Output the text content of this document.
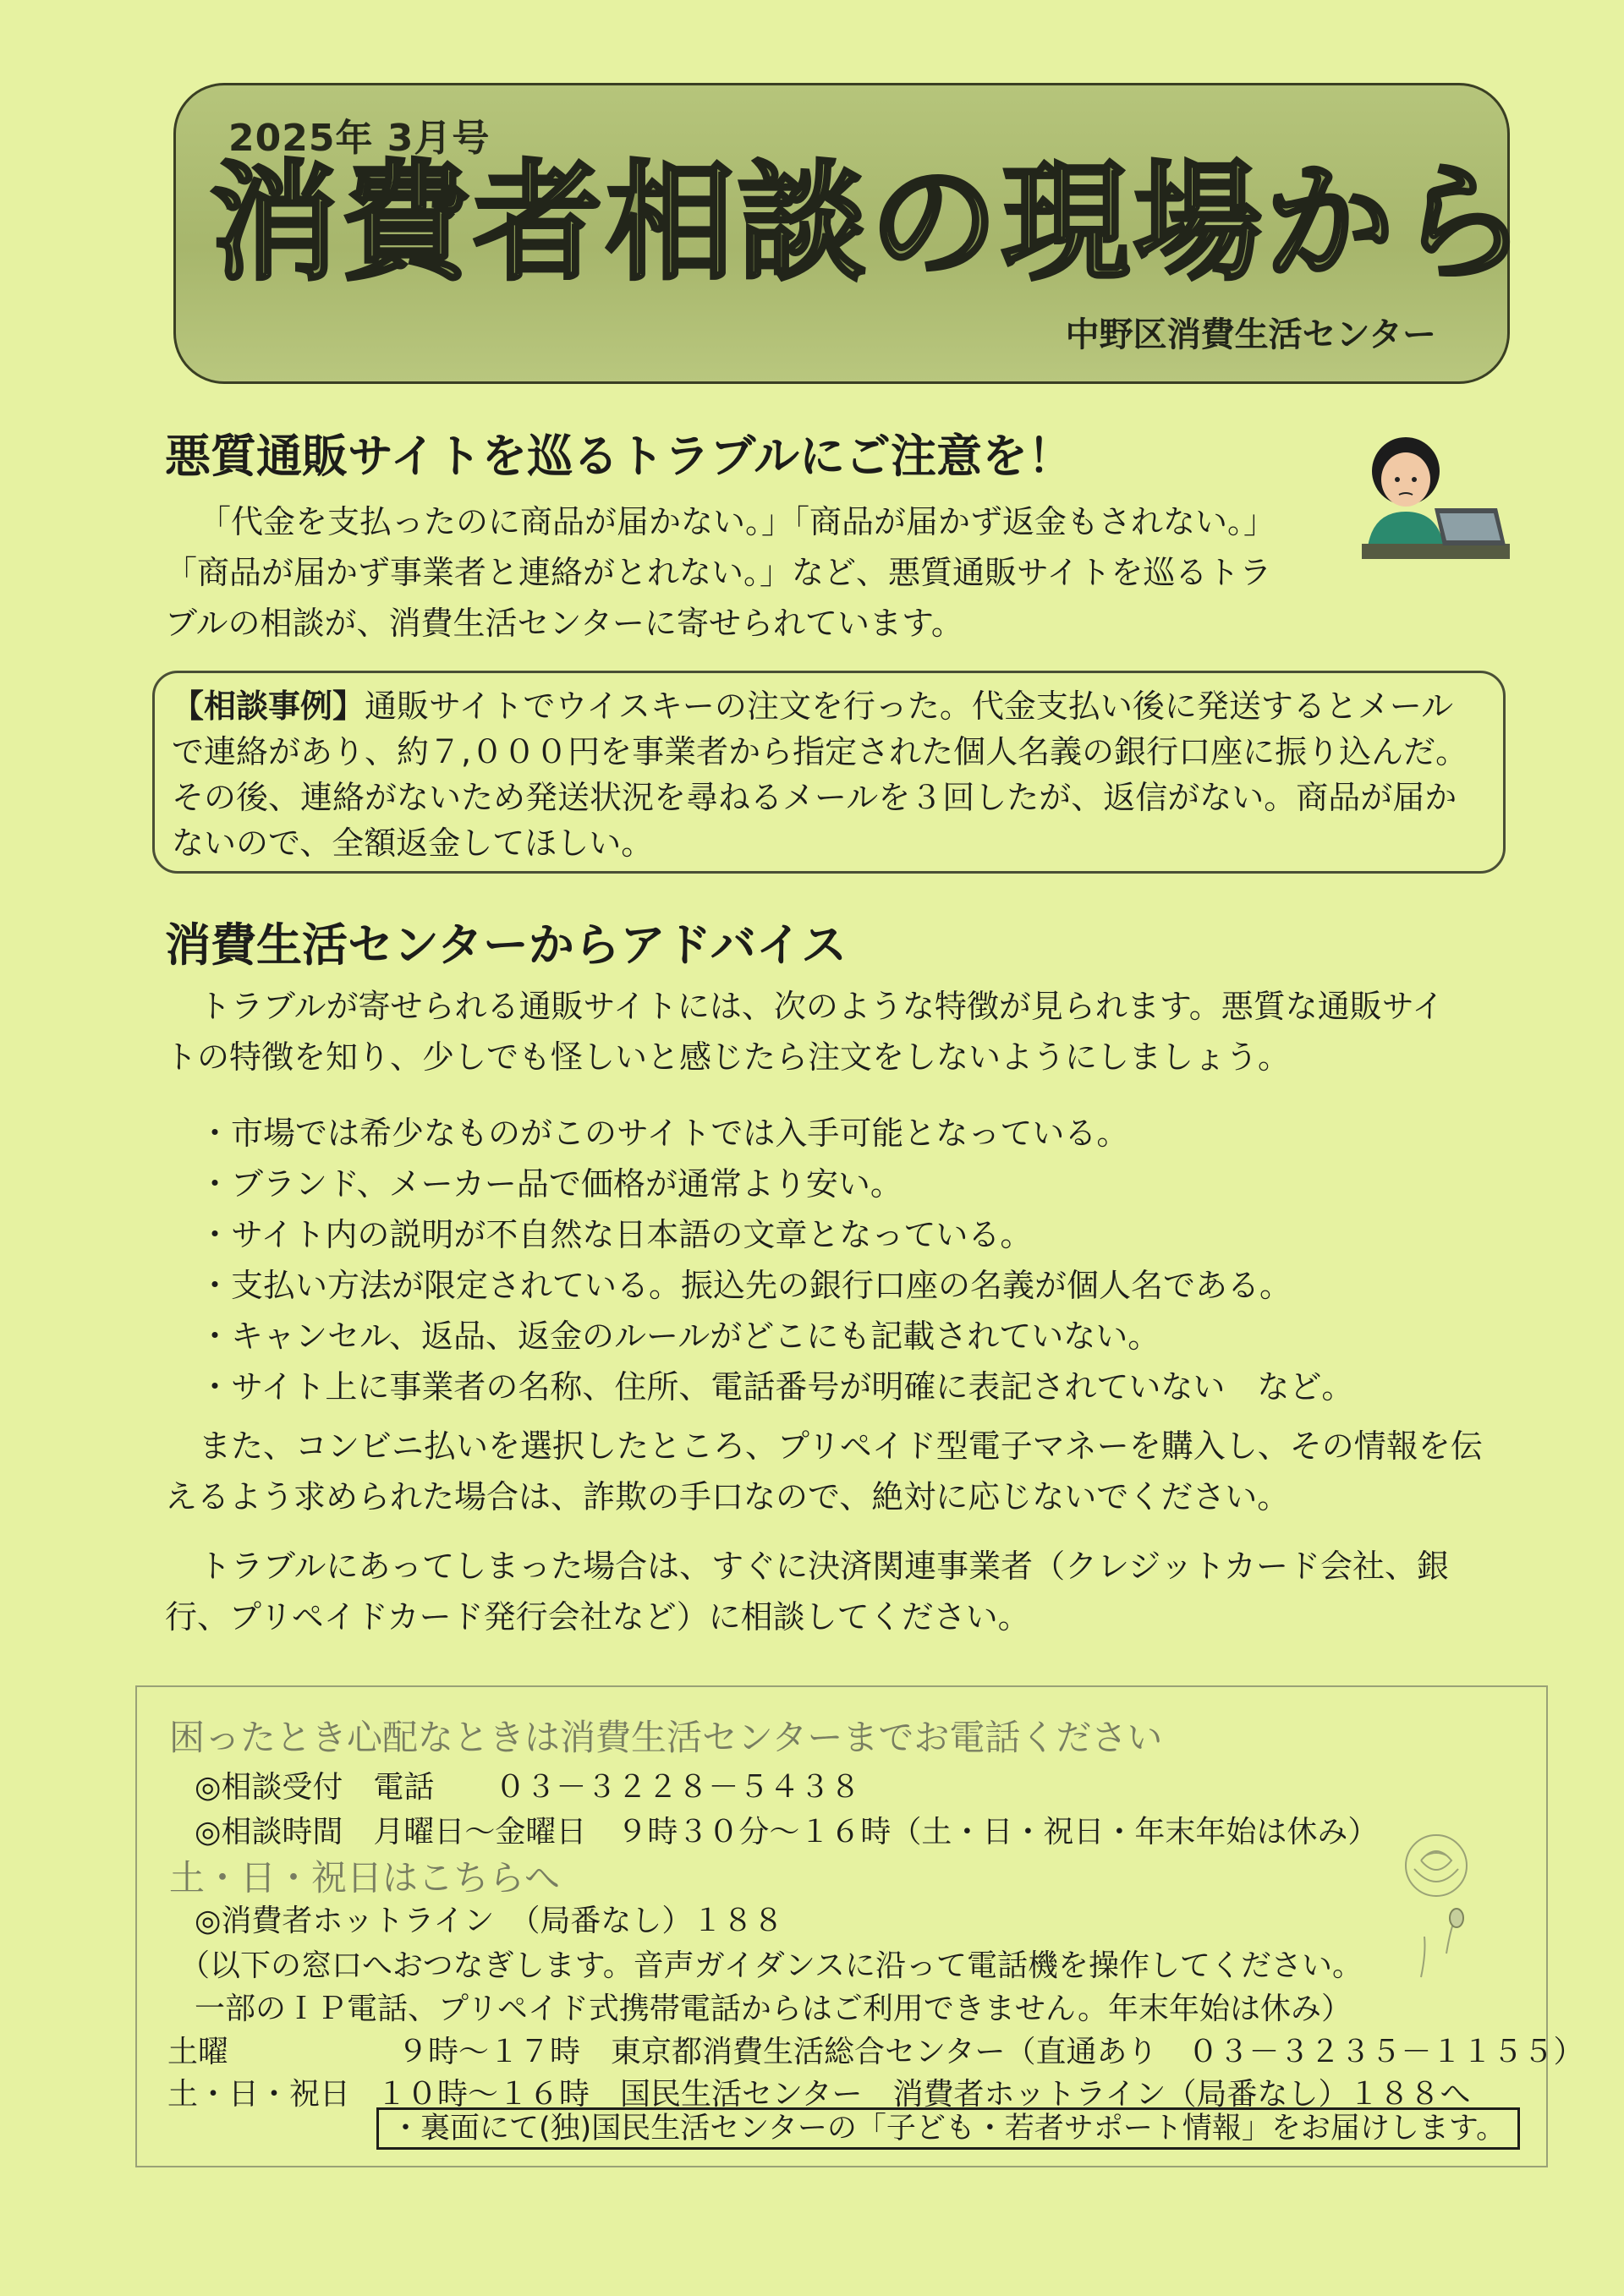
2025年 3月号
消費者相談の現場から
中野区消費生活センター
悪質通販サイトを巡るトラブルにご注意を！
「代金を支払ったのに商品が届かない。」「商品が届かず返金もされない。」
「商品が届かず事業者と連絡がとれない。」など、悪質通販サイトを巡るトラ
ブルの相談が、消費生活センターに寄せられています。
【相談事例】通販サイトでウイスキーの注文を行った。代金支払い後に発送するとメール
で連絡があり、約７,０００円を事業者から指定された個人名義の銀行口座に振り込んだ。
その後、連絡がないため発送状況を尋ねるメールを３回したが、返信がない。商品が届か
ないので、全額返金してほしい。
消費生活センターからアドバイス
トラブルが寄せられる通販サイトには、次のような特徴が見られます。悪質な通販サイ
トの特徴を知り、少しでも怪しいと感じたら注文をしないようにしましょう。
・市場では希少なものがこのサイトでは入手可能となっている。
・ブランド、メーカー品で価格が通常より安い。
・サイト内の説明が不自然な日本語の文章となっている。
・支払い方法が限定されている。振込先の銀行口座の名義が個人名である。
・キャンセル、返品、返金のルールがどこにも記載されていない。
・サイト上に事業者の名称、住所、電話番号が明確に表記されていない　など。
また、コンビニ払いを選択したところ、プリペイド型電子マネーを購入し、その情報を伝
えるよう求められた場合は、詐欺の手口なので、絶対に応じないでください。
トラブルにあってしまった場合は、すぐに決済関連事業者（クレジットカード会社、銀
行、プリペイドカード発行会社など）に相談してください。
困ったとき心配なときは消費生活センターまでお電話ください
◎相談受付　電話　　０３－３２２８－５４３８
◎相談時間　月曜日～金曜日　９時３０分～１６時（土・日・祝日・年末年始は休み）
土・日・祝日はこちらへ
◎消費者ホットライン　（局番なし）１８８
（以下の窓口へおつなぎします。音声ガイダンスに沿って電話機を操作してください。
一部のＩＰ電話、プリペイド式携帯電話からはご利用できません。年末年始は休み）
土曜	９時～１７時　東京都消費生活総合センター（直通あり　０３－３２３５－１１５５）
土・日・祝日 １０時～１６時　国民生活センター　消費者ホットライン（局番なし）１８８へ
・裏面にて(独)国民生活センターの「子ども・若者サポート情報」をお届けします。
